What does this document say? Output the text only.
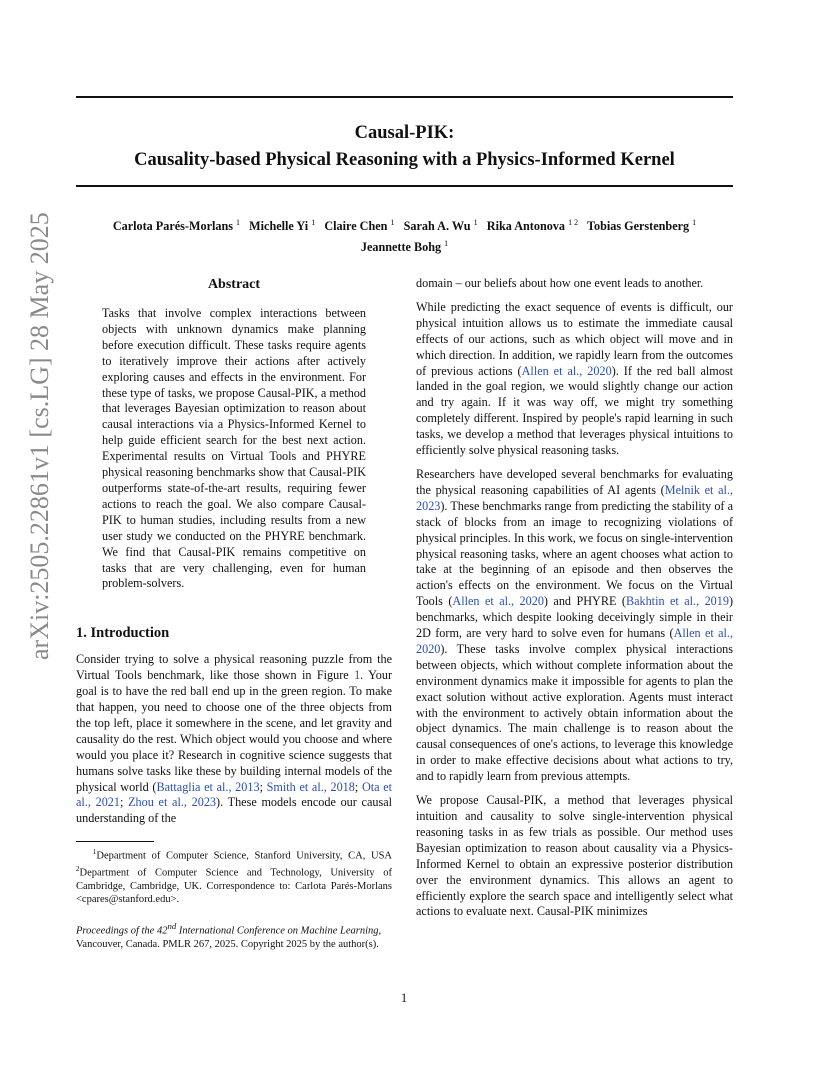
Causal-PIK:
Causality-based Physical Reasoning with a Physics-Informed Kernel
Carlota Parés-Morlans $^1$ Michelle Yi $^1$ Claire Chen $^1$ Sarah A. Wu $^1$ Rika Antonova $^{1 2}$ Tobias Gerstenberg $^1$
Jeannette Bohg $^1$
arXiv:2505.22861v1 [cs.LG] 28 May 2025	Abstract

Tasks that involve complex interactions between objects with unknown dynamics make planning before execution difficult. These tasks require agents to iteratively improve their actions after actively exploring causes and effects in the environment. For these type of tasks, we propose Causal-PIK, a method that leverages Bayesian optimization to reason about causal interactions via a Physics-Informed Kernel to help guide efficient search for the best next action. Experimental results on Virtual Tools and PHYRE physical reasoning benchmarks show that Causal-PIK outperforms state-of-the-art results, requiring fewer actions to reach the goal. We also compare Causal-PIK to human studies, including results from a new user study we conducted on the PHYRE benchmark. We find that Causal-PIK remains competitive on tasks that are very challenging, even for human problem-solvers.

1. Introduction

Consider trying to solve a physical reasoning puzzle from the Virtual Tools benchmark, like those shown in Figure 1. Your goal is to have the red ball end up in the green region. To make that happen, you need to choose one of the three objects from the top left, place it somewhere in the scene, and let gravity and causality do the rest. Which object would you choose and where would you place it? Research in cognitive science suggests that humans solve tasks like these by building internal models of the physical world (Battaglia et al., 2013; Smith et al., 2018; Ota et al., 2021; Zhou et al., 2023). These models encode our causal understanding of the

$^1$Department of Computer Science, Stanford University, CA, USA $^2$Department of Computer Science and Technology, University of Cambridge, Cambridge, UK. Correspondence to: Carlota Parés-Morlans <cpares@stanford.edu>.

Proceedings of the 42nd International Conference on Machine Learning, Vancouver, Canada. PMLR 267, 2025. Copyright 2025 by the author(s).

domain – our beliefs about how one event leads to another.

While predicting the exact sequence of events is difficult, our physical intuition allows us to estimate the immediate causal effects of our actions, such as which object will move and in which direction. In addition, we rapidly learn from the outcomes of previous actions (Allen et al., 2020). If the red ball almost landed in the goal region, we would slightly change our action and try again. If it was way off, we might try something completely different. Inspired by people's rapid learning in such tasks, we develop a method that leverages physical intuitions to efficiently solve physical reasoning tasks.

Researchers have developed several benchmarks for evaluating the physical reasoning capabilities of AI agents (Melnik et al., 2023). These benchmarks range from predicting the stability of a stack of blocks from an image to recognizing violations of physical principles. In this work, we focus on single-intervention physical reasoning tasks, where an agent chooses what action to take at the beginning of an episode and then observes the action's effects on the environment. We focus on the Virtual Tools (Allen et al., 2020) and PHYRE (Bakhtin et al., 2019) benchmarks, which despite looking deceivingly simple in their 2D form, are very hard to solve even for humans (Allen et al., 2020). These tasks involve complex physical interactions between objects, which without complete information about the environment dynamics make it impossible for agents to plan the exact solution without active exploration. Agents must interact with the environment to actively obtain information about the object dynamics. The main challenge is to reason about the causal consequences of one's actions, to leverage this knowledge in order to make effective decisions about what actions to try, and to rapidly learn from previous attempts.

We propose Causal-PIK, a method that leverages physical intuition and causality to solve single-intervention physical reasoning tasks in as few trials as possible. Our method uses Bayesian optimization to reason about causality via a Physics-Informed Kernel to obtain an expressive posterior distribution over the environment dynamics. This allows an agent to efficiently explore the search space and intelligently select what actions to evaluate next. Causal-PIK minimizes

1
